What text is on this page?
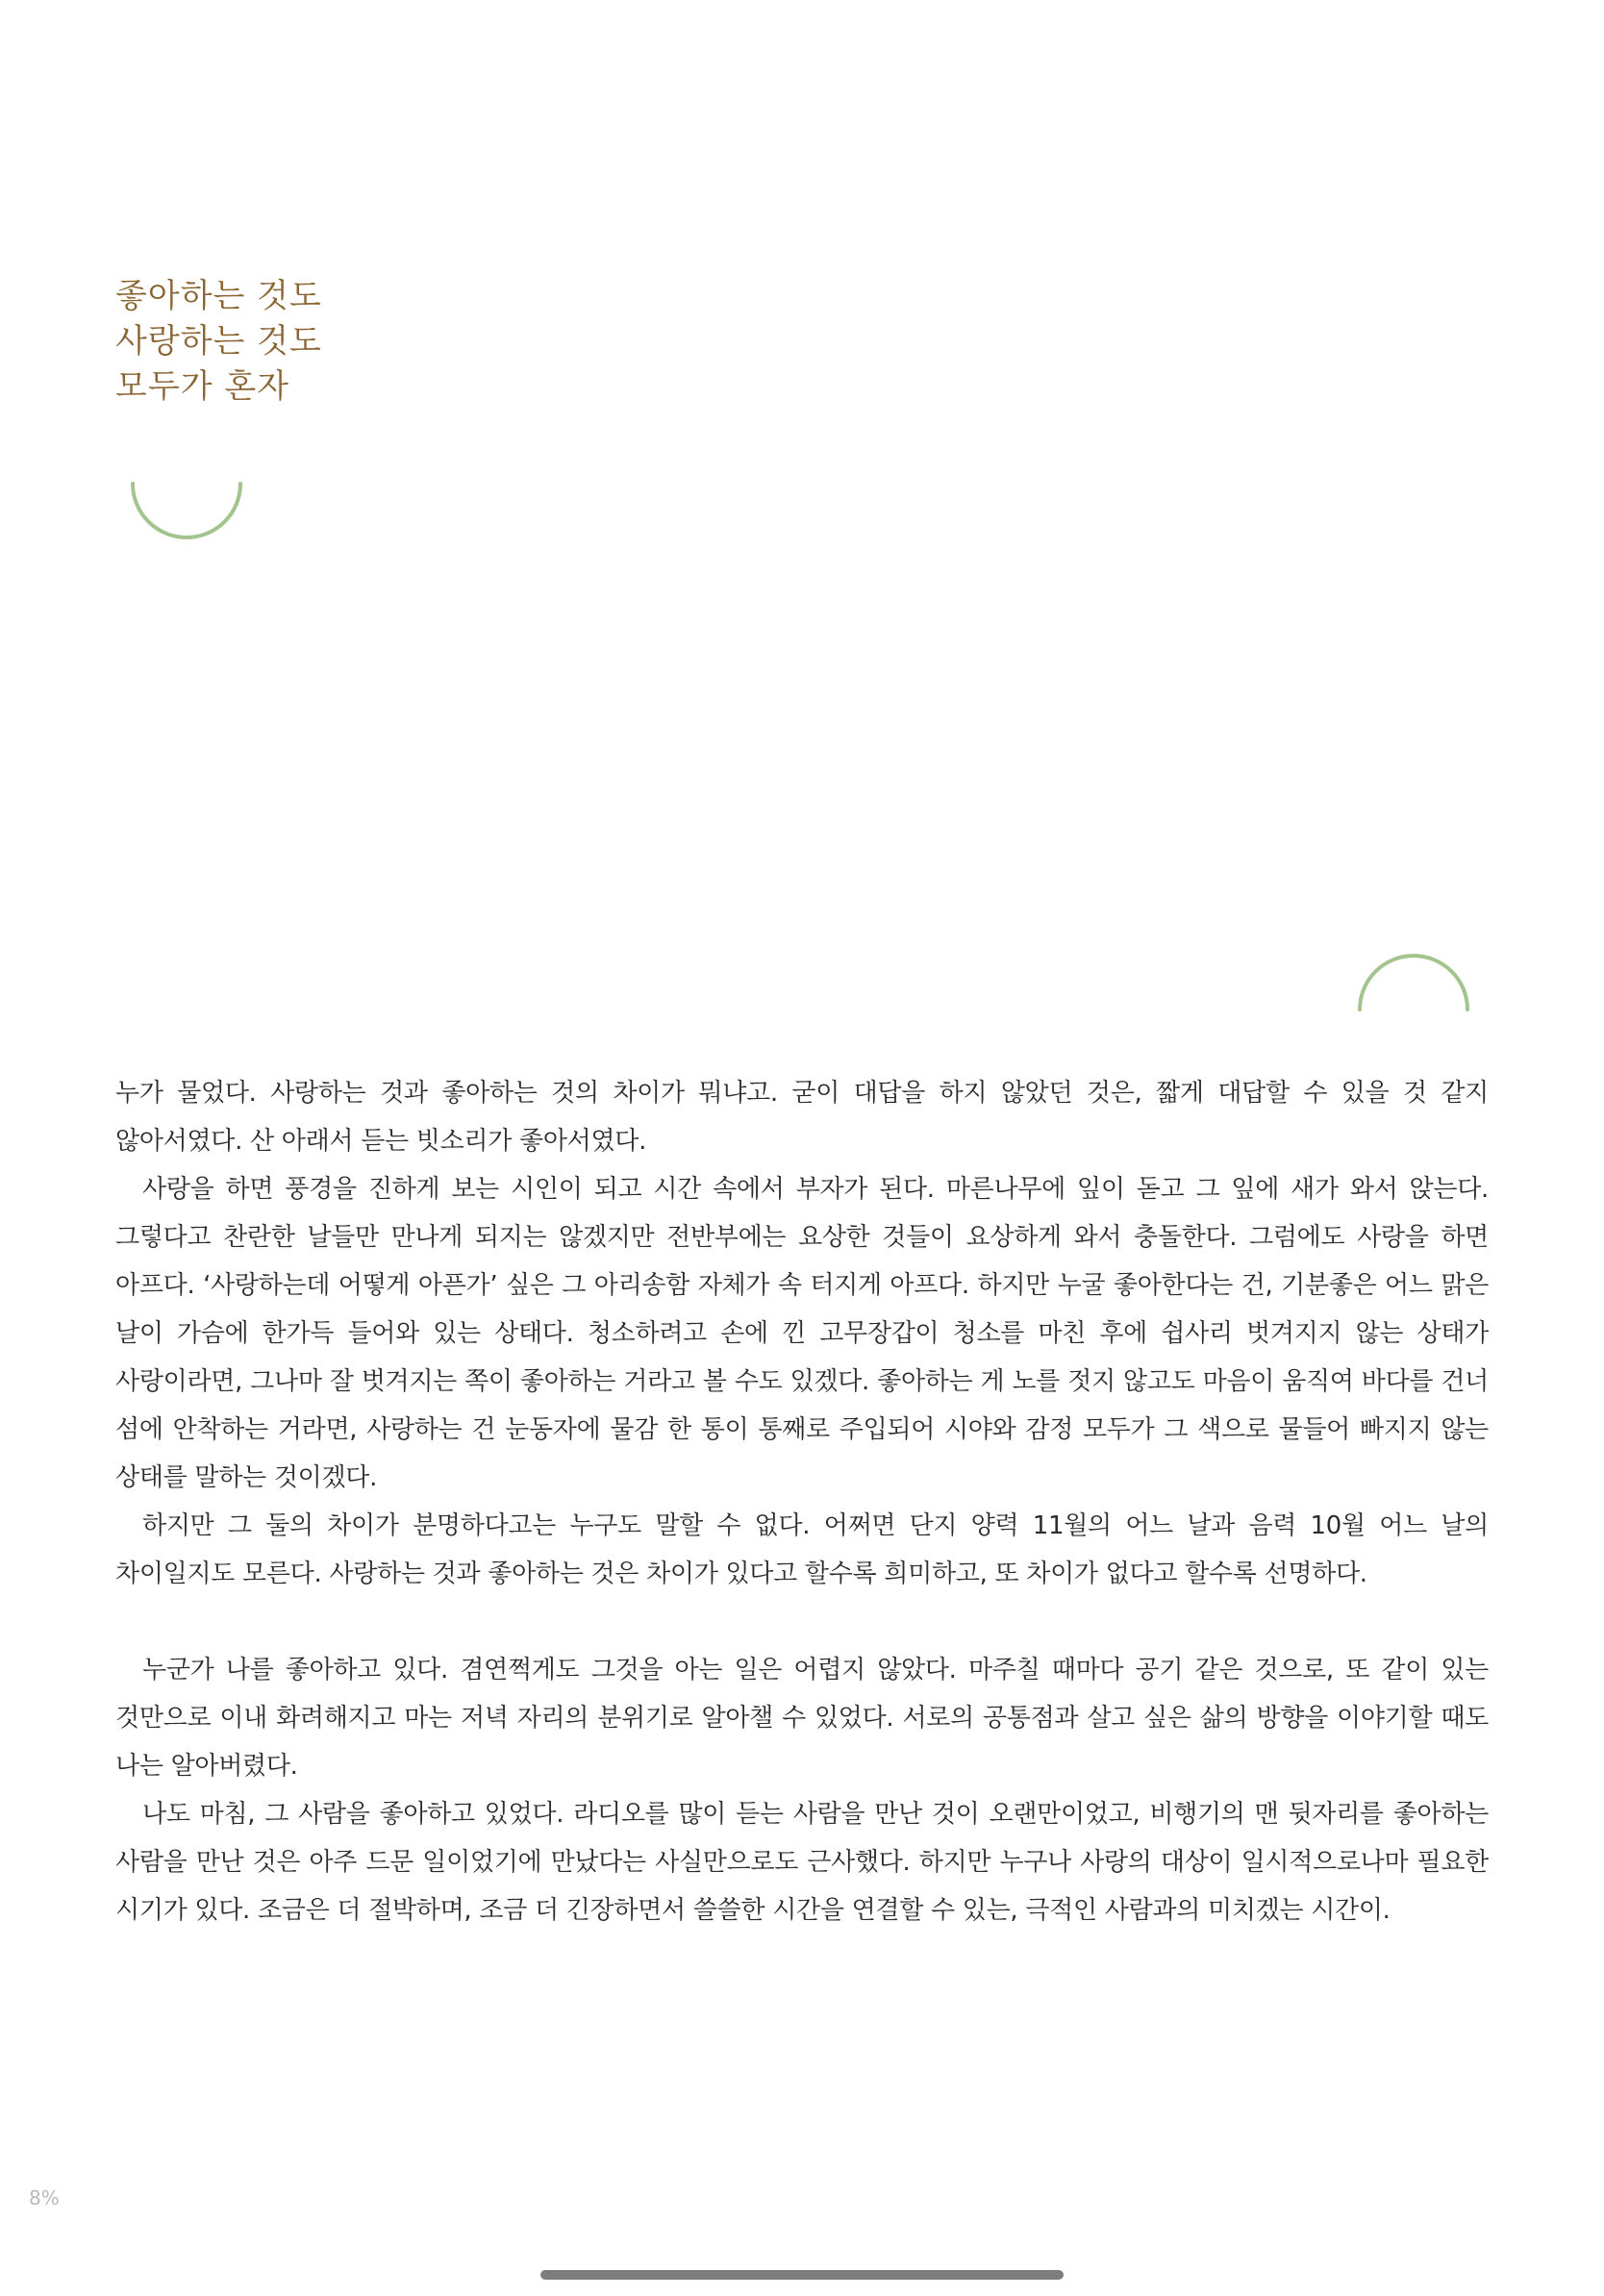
좋아하는 것도
사랑하는 것도
모두가 혼자

누가 물었다. 사랑하는 것과 좋아하는 것의 차이가 뭐냐고. 굳이 대답을 하지 않았던 것은, 짧게 대답할 수 있을 것 같지 않아서였다. 산 아래서 듣는 빗소리가 좋아서였다.

사랑을 하면 풍경을 진하게 보는 시인이 되고 시간 속에서 부자가 된다. 마른나무에 잎이 돋고 그 잎에 새가 와서 앉는다. 그렇다고 찬란한 날들만 만나게 되지는 않겠지만 전반부에는 요상한 것들이 요상하게 와서 충돌한다. 그럼에도 사랑을 하면 아프다. ‘사랑하는데 어떻게 아픈가’ 싶은 그 아리송함 자체가 속 터지게 아프다. 하지만 누굴 좋아한다는 건, 기분좋은 어느 맑은 날이 가슴에 한가득 들어와 있는 상태다. 청소하려고 손에 낀 고무장갑이 청소를 마친 후에 쉽사리 벗겨지지 않는 상태가 사랑이라면, 그나마 잘 벗겨지는 쪽이 좋아하는 거라고 볼 수도 있겠다. 좋아하는 게 노를 젓지 않고도 마음이 움직여 바다를 건너 섬에 안착하는 거라면, 사랑하는 건 눈동자에 물감 한 통이 통째로 주입되어 시야와 감정 모두가 그 색으로 물들어 빠지지 않는 상태를 말하는 것이겠다.

하지만 그 둘의 차이가 분명하다고는 누구도 말할 수 없다. 어쩌면 단지 양력 11월의 어느 날과 음력 10월 어느 날의 차이일지도 모른다. 사랑하는 것과 좋아하는 것은 차이가 있다고 할수록 희미하고, 또 차이가 없다고 할수록 선명하다.

누군가 나를 좋아하고 있다. 겸연쩍게도 그것을 아는 일은 어렵지 않았다. 마주칠 때마다 공기 같은 것으로, 또 같이 있는 것만으로 이내 화려해지고 마는 저녁 자리의 분위기로 알아챌 수 있었다. 서로의 공통점과 살고 싶은 삶의 방향을 이야기할 때도 나는 알아버렸다.

나도 마침, 그 사람을 좋아하고 있었다. 라디오를 많이 듣는 사람을 만난 것이 오랜만이었고, 비행기의 맨 뒷자리를 좋아하는 사람을 만난 것은 아주 드문 일이었기에 만났다는 사실만으로도 근사했다. 하지만 누구나 사랑의 대상이 일시적으로나마 필요한 시기가 있다. 조금은 더 절박하며, 조금 더 긴장하면서 쓸쓸한 시간을 연결할 수 있는, 극적인 사람과의 미치겠는 시간이.

8%
